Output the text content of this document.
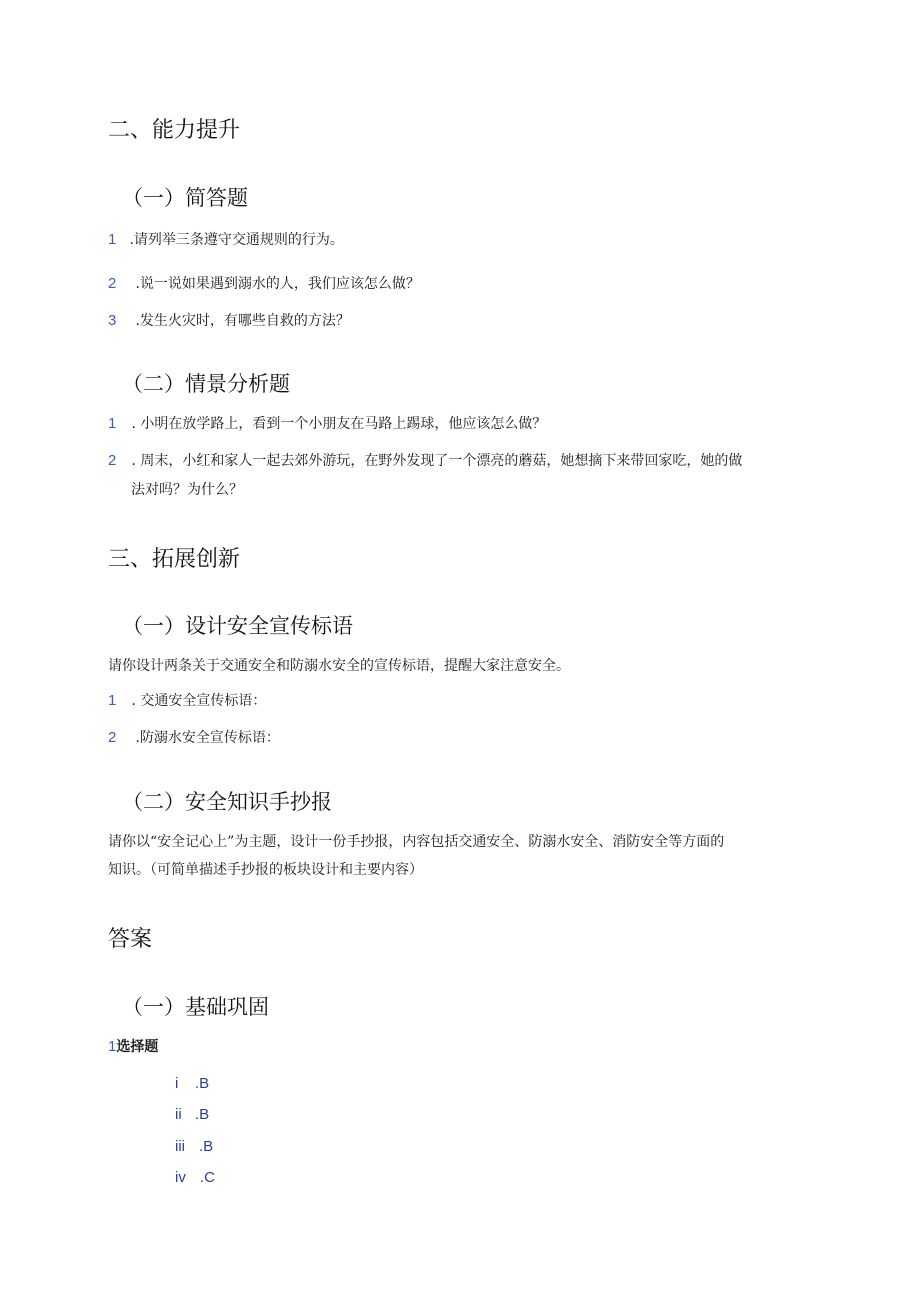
二、能力提升
（一）简答题
1 .请列举三条遵守交通规则的行为。
2 .说一说如果遇到溺水的人，我们应该怎么做？
3 .发生火灾时，有哪些自救的方法？
（二）情景分析题
1 . 小明在放学路上，看到一个小朋友在马路上踢球，他应该怎么做？
2 . 周末，小红和家人一起去郊外游玩，在野外发现了一个漂亮的蘑菇，她想摘下来带回家吃，她的做
法对吗？为什么？
三、拓展创新
（一）设计安全宣传标语
请你设计两条关于交通安全和防溺水安全的宣传标语，提醒大家注意安全。
1 . 交通安全宣传标语：
2 .防溺水安全宣传标语：
（二）安全知识手抄报
请你以“安全记心上”为主题，设计一份手抄报，内容包括交通安全、防溺水安全、消防安全等方面的
知识。（可简单描述手抄报的板块设计和主要内容）
答案
（一）基础巩固
1选择题
i .B
ii .B
iii .B
iv .C
